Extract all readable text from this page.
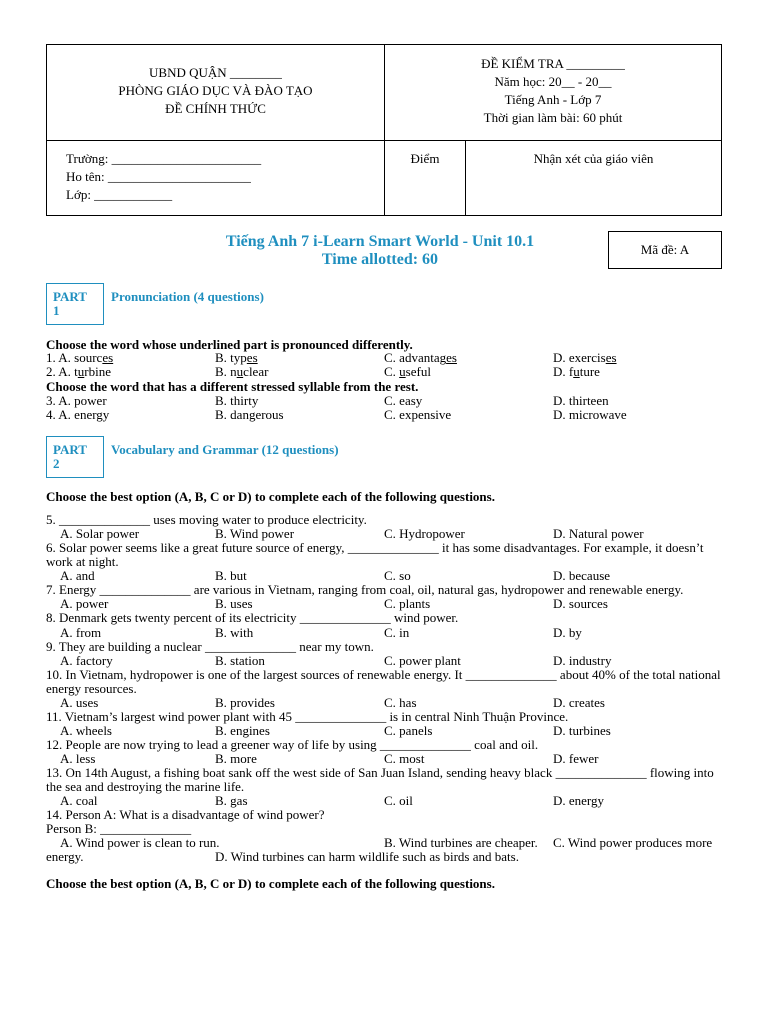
UBND QUẬN ________
PHÒNG GIÁO DỤC VÀ ĐÀO TẠO
ĐỀ CHÍNH THỨC
ĐỀ KIỂM TRA _________
Năm học: 20__ - 20__
Tiếng Anh - Lớp 7
Thời gian làm bài: 60 phút
Trường: _______________________
Ho tên: ______________________
Lớp: ____________
Điểm	Nhận xét của giáo viên
Tiếng Anh 7 i-Learn Smart World - Unit 10.1
Time allotted: 60
Mã đề: A
PART
1
Pronunciation (4 questions)
Choose the word whose underlined part is pronounced differently.
1. A. sources	B. types	C. advantages	D. exercises
2. A. turbine	B. nuclear	C. useful	D. future
Choose the word that has a different stressed syllable from the rest.
3. A. power	B. thirty	C. easy	D. thirteen
4. A. energy	B. dangerous	C. expensive	D. microwave
PART
2
Vocabulary and Grammar (12 questions)
Choose the best option (A, B, C or D) to complete each of the following questions.
5. ______________ uses moving water to produce electricity.
A. Solar power	B. Wind power	C. Hydropower	D. Natural power
6. Solar power seems like a great future source of energy, ______________ it has some disadvantages. For example, it doesn’t work at night.
A. and	B. but	C. so	D. because
7. Energy ______________ are various in Vietnam, ranging from coal, oil, natural gas, hydropower and renewable energy.
A. power	B. uses	C. plants	D. sources
8. Denmark gets twenty percent of its electricity ______________ wind power.
A. from	B. with	C. in	D. by
9. They are building a nuclear ______________ near my town.
A. factory	B. station	C. power plant	D. industry
10. In Vietnam, hydropower is one of the largest sources of renewable energy. It ______________ about 40% of the total national energy resources.
A. uses	B. provides	C. has	D. creates
11. Vietnam’s largest wind power plant with 45 ______________ is in central Ninh Thuận Province.
A. wheels	B. engines	C. panels	D. turbines
12. People are now trying to lead a greener way of life by using ______________ coal and oil.
A. less	B. more	C. most	D. fewer
13. On 14th August, a fishing boat sank off the west side of San Juan Island, sending heavy black ______________ flowing into the sea and destroying the marine life.
A. coal	B. gas	C. oil	D. energy
14. Person A: What is a disadvantage of wind power?
Person B: ______________
A. Wind power is clean to run.	B. Wind turbines are cheaper. C. Wind power produces more
energy.	D. Wind turbines can harm wildlife such as birds and bats.
Choose the best option (A, B, C or D) to complete each of the following questions.
